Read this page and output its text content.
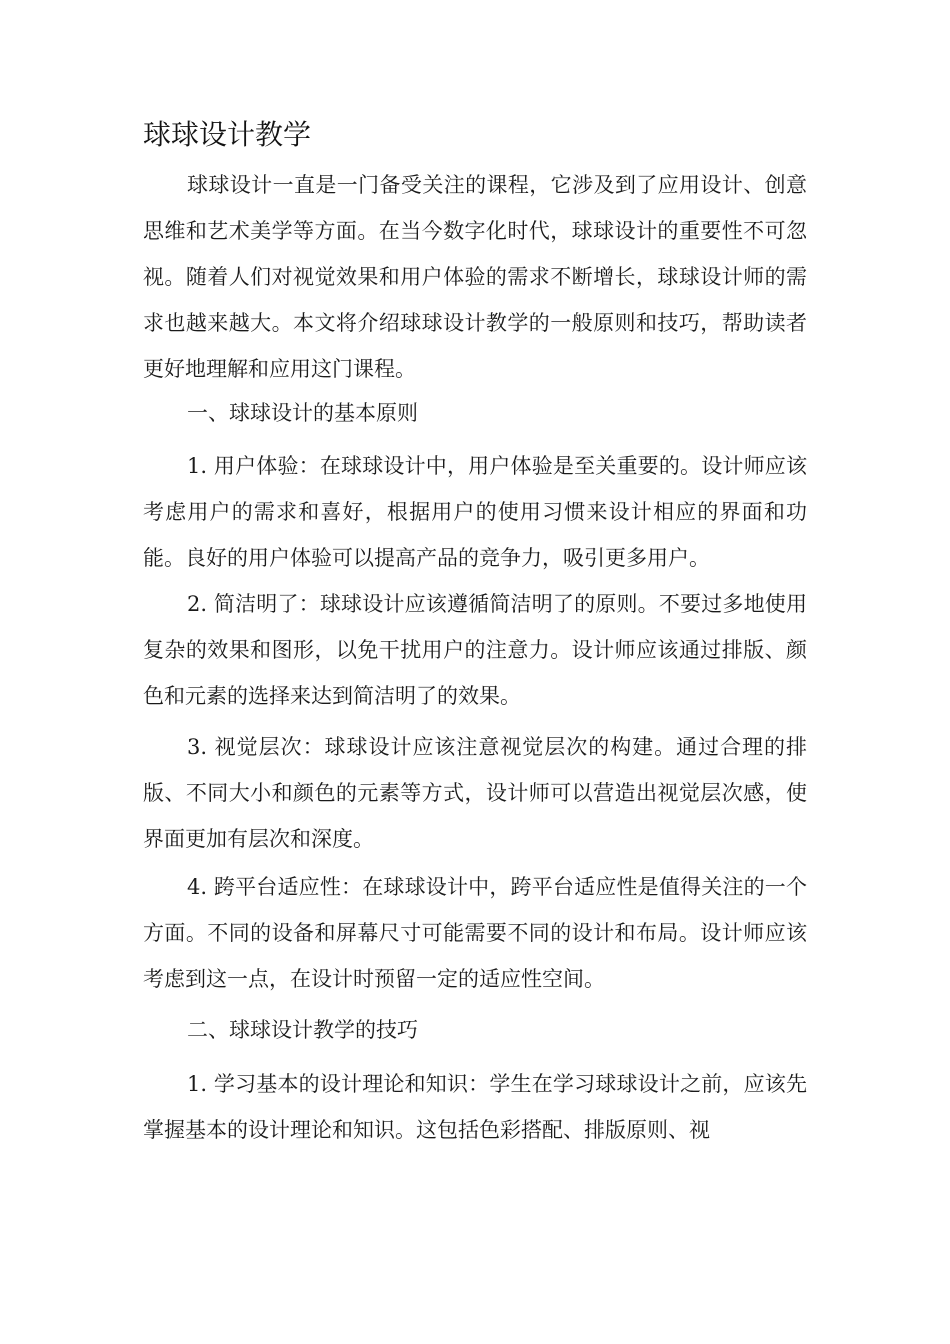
球球设计教学

球球设计一直是一门备受关注的课程，它涉及到了应用设计、创意思维和艺术美学等方面。在当今数字化时代，球球设计的重要性不可忽视。随着人们对视觉效果和用户体验的需求不断增长，球球设计师的需求也越来越大。本文将介绍球球设计教学的一般原则和技巧，帮助读者更好地理解和应用这门课程。

一、球球设计的基本原则

1. 用户体验：在球球设计中，用户体验是至关重要的。设计师应该考虑用户的需求和喜好，根据用户的使用习惯来设计相应的界面和功能。良好的用户体验可以提高产品的竞争力，吸引更多用户。

2. 简洁明了：球球设计应该遵循简洁明了的原则。不要过多地使用复杂的效果和图形，以免干扰用户的注意力。设计师应该通过排版、颜色和元素的选择来达到简洁明了的效果。

3. 视觉层次：球球设计应该注意视觉层次的构建。通过合理的排版、不同大小和颜色的元素等方式，设计师可以营造出视觉层次感，使界面更加有层次和深度。

4. 跨平台适应性：在球球设计中，跨平台适应性是值得关注的一个方面。不同的设备和屏幕尺寸可能需要不同的设计和布局。设计师应该考虑到这一点，在设计时预留一定的适应性空间。

二、球球设计教学的技巧

1. 学习基本的设计理论和知识：学生在学习球球设计之前，应该先掌握基本的设计理论和知识。这包括色彩搭配、排版原则、视
